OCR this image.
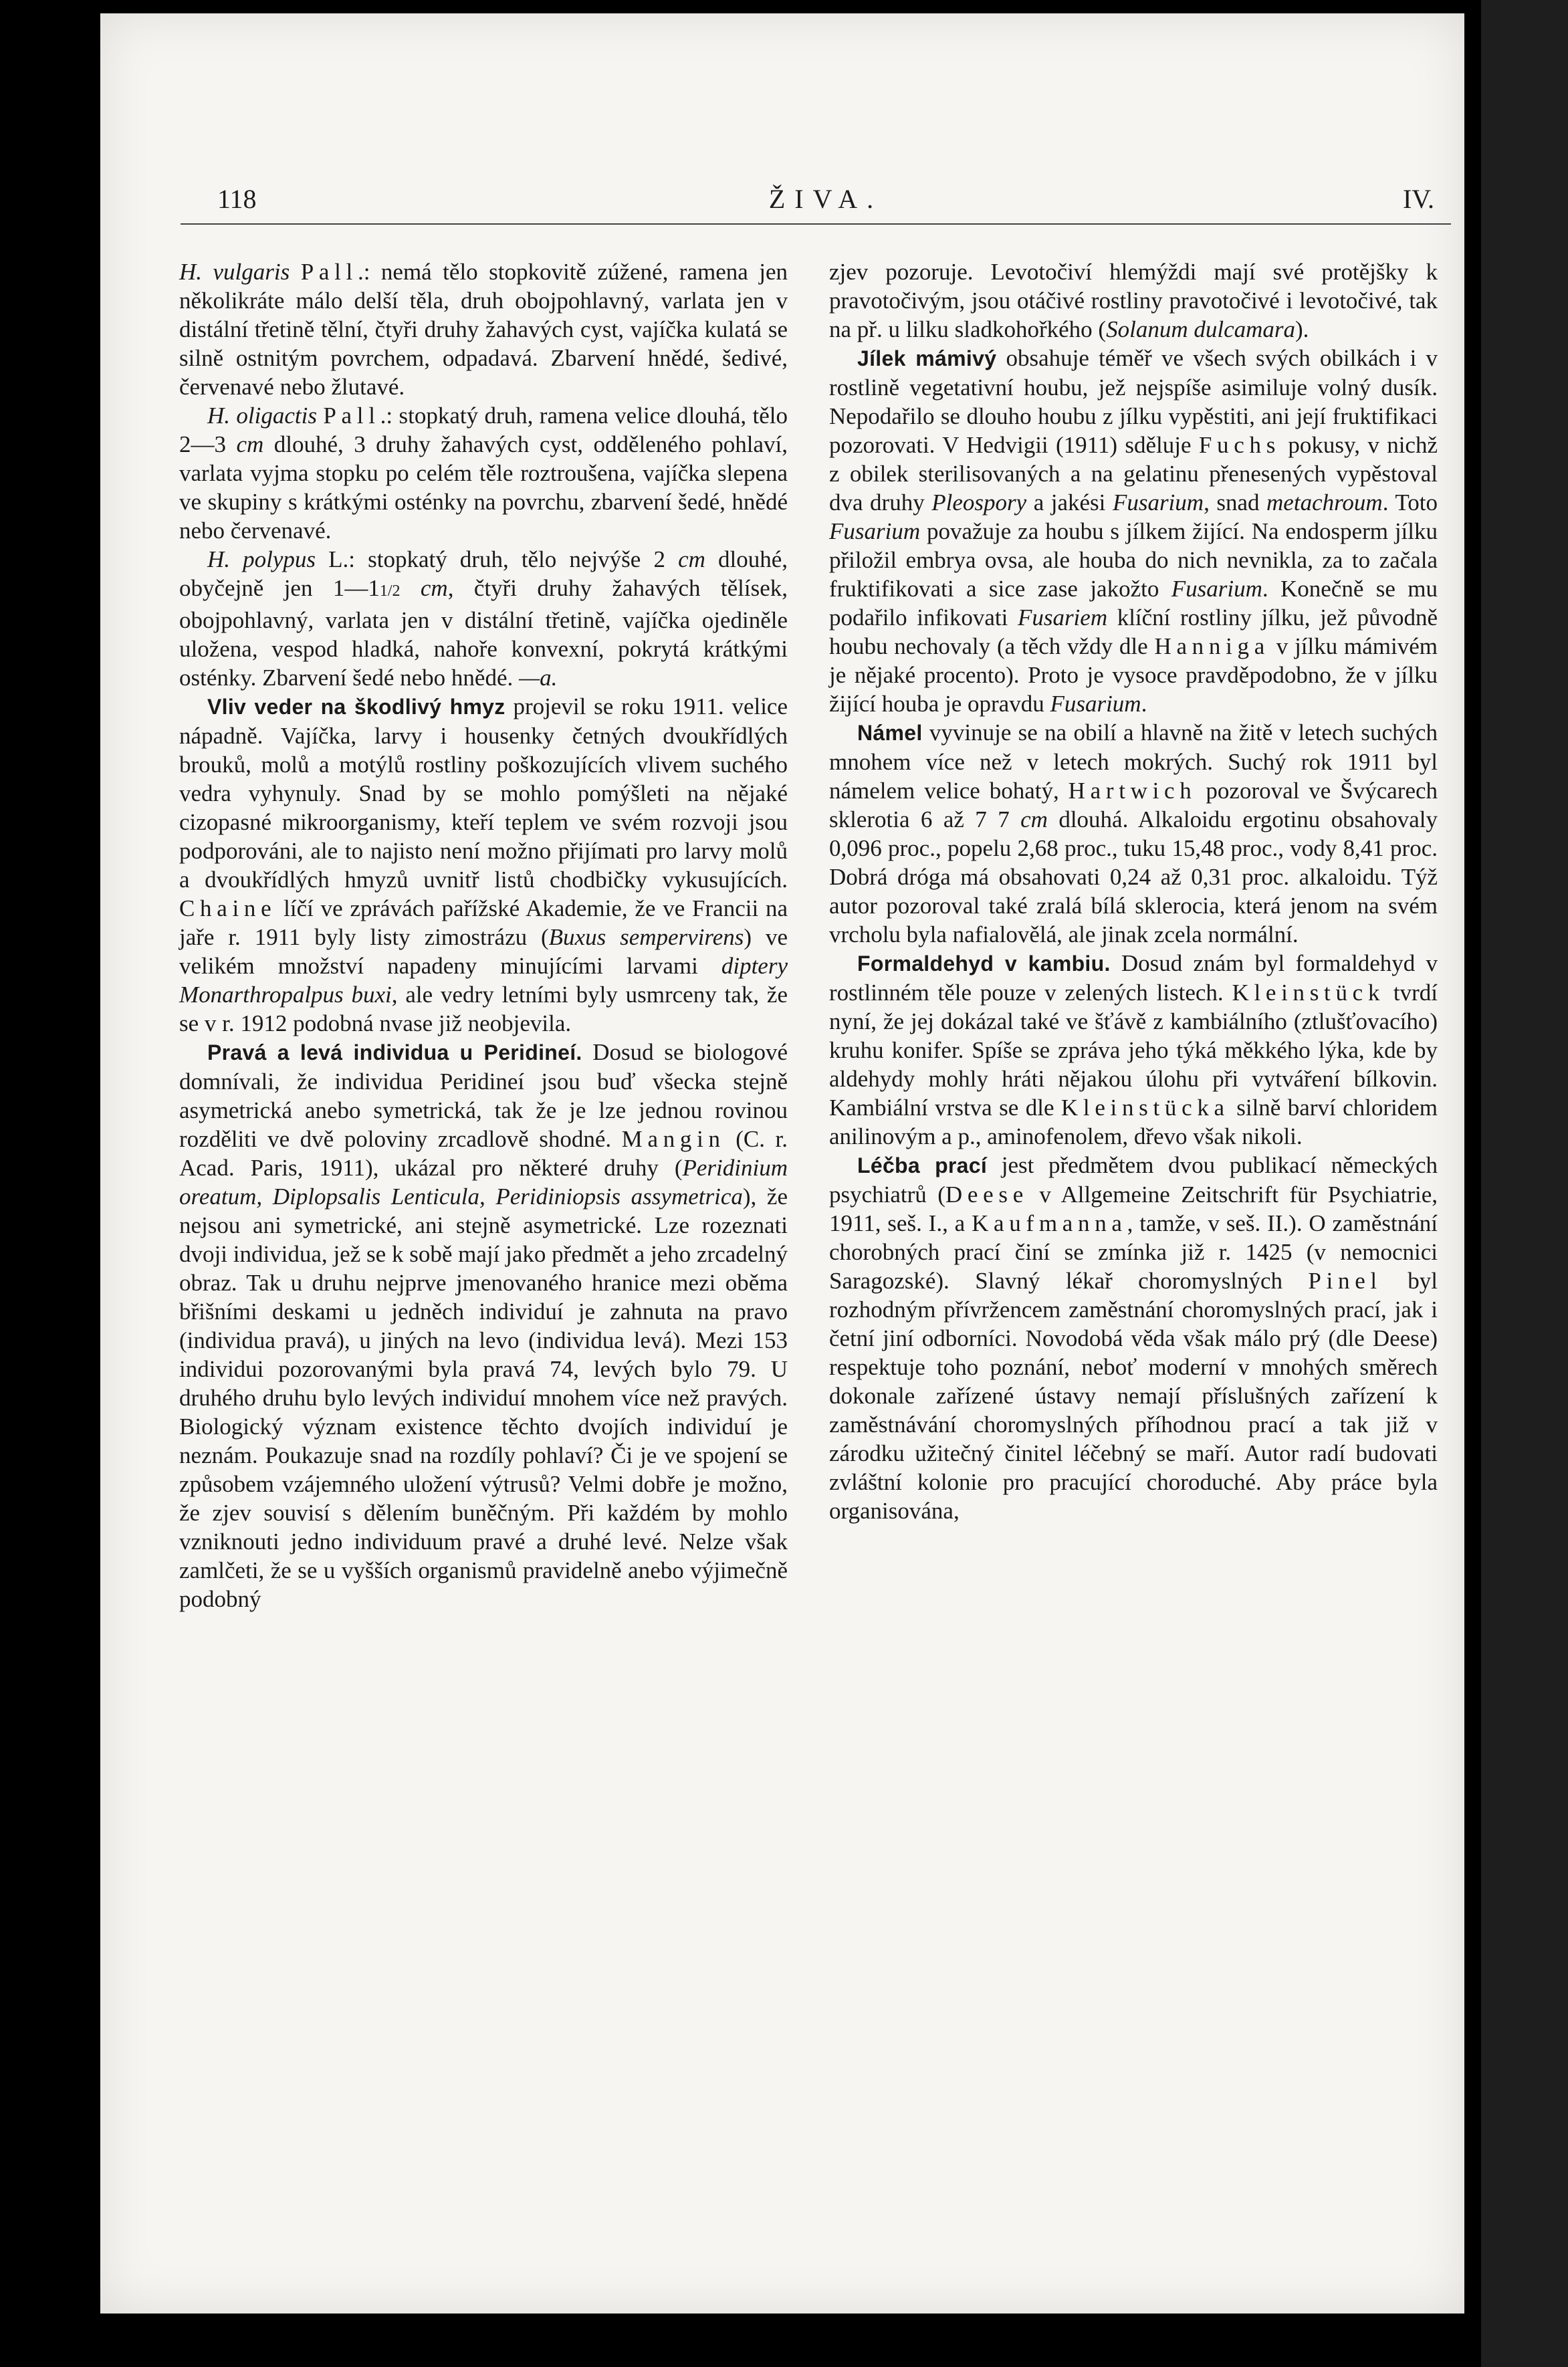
118	ŽIVA.	IV.

H. vulgaris Pall.: nemá tělo stopkovitě zúžené, ramena jen několikráte málo delší těla, druh obojpohlavný, varlata jen v distální třetině tělní, čtyři druhy žahavých cyst, vajíčka kulatá se silně ostnitým povrchem, odpadavá. Zbarvení hnědé, šedivé, červenavé nebo žlutavé.

H. oligactis Pall.: stopkatý druh, ramena velice dlouhá, tělo 2—3 cm dlouhé, 3 druhy žahavých cyst, odděleného pohlaví, varlata vyjma stopku po celém těle roztroušena, vajíčka slepena ve skupiny s krátkými osténky na povrchu, zbarvení šedé, hnědé nebo červenavé.

H. polypus L.: stopkatý druh, tělo nejvýše 2 cm dlouhé, obyčejně jen 1—11/2 cm, čtyři druhy žahavých tělísek, obojpohlavný, varlata jen v distální třetině, vajíčka ojediněle uložena, vespod hladká, nahoře konvexní, pokrytá krátkými osténky. Zbarvení šedé nebo hnědé. —a.

Vliv veder na škodlivý hmyz projevil se roku 1911. velice nápadně. Vajíčka, larvy i housenky četných dvoukřídlých brouků, molů a motýlů rostliny poškozujících vlivem suchého vedra vyhynuly. Snad by se mohlo pomýšleti na nějaké cizopasné mikroorganismy, kteří teplem ve svém rozvoji jsou podporováni, ale to najisto není možno přijímati pro larvy molů a dvoukřídlých hmyzů uvnitř listů chodbičky vykusujících. Chaine líčí ve zprávách pařížské Akademie, že ve Francii na jaře r. 1911 byly listy zimostrázu (Buxus sempervirens) ve velikém množství napadeny minujícími larvami diptery Monarthropalpus buxi, ale vedry letními byly usmrceny tak, že se v r. 1912 podobná nvase již neobjevila.

Pravá a levá individua u Peridineí. Dosud se biologové domnívali, že individua Peridineí jsou buď všecka stejně asymetrická anebo symetrická, tak že je lze jednou rovinou rozděliti ve dvě poloviny zrcadlově shodné. Mangin (C. r. Acad. Paris, 1911), ukázal pro některé druhy (Peridinium oreatum, Diplopsalis Lenticula, Peridiniopsis assymetrica), že nejsou ani symetrické, ani stejně asymetrické. Lze rozeznati dvoji individua, jež se k sobě mají jako předmět a jeho zrcadelný obraz. Tak u druhu nejprve jmenovaného hranice mezi oběma břišními deskami u jedněch individuí je zahnuta na pravo (individua pravá), u jiných na levo (individua levá). Mezi 153 individui pozorovanými byla pravá 74, levých bylo 79. U druhého druhu bylo levých individuí mnohem více než pravých. Biologický význam existence těchto dvojích individuí je neznám. Poukazuje snad na rozdíly pohlaví? Či je ve spojení se způsobem vzájemného uložení výtrusů? Velmi dobře je možno, že zjev souvisí s dělením buněčným. Při každém by mohlo vzniknouti jedno individuum pravé a druhé levé. Nelze však zamlčeti, že se u vyšších organismů pravidelně anebo výjimečně podobný

zjev pozoruje. Levotočiví hlemýždi mají své protějšky k pravotočivým, jsou otáčivé rostliny pravotočivé i levotočivé, tak na př. u lilku sladkohořkého (Solanum dulcamara).

Jílek mámivý obsahuje téměř ve všech svých obilkách i v rostlině vegetativní houbu, jež nejspíše asimiluje volný dusík. Nepodařilo se dlouho houbu z jílku vypěstiti, ani její fruktifikaci pozorovati. V Hedvigii (1911) sděluje Fuchs pokusy, v nichž z obilek sterilisovaných a na gelatinu přenesených vypěstoval dva druhy Pleospory a jakési Fusarium, snad metachroum. Toto Fusarium považuje za houbu s jílkem žijící. Na endosperm jílku přiložil embrya ovsa, ale houba do nich nevnikla, za to začala fruktifikovati a sice zase jakožto Fusarium. Konečně se mu podařilo infikovati Fusariem klíční rostliny jílku, jež původně houbu nechovaly (a těch vždy dle Hanniga v jílku mámivém je nějaké procento). Proto je vysoce pravděpodobno, že v jílku žijící houba je opravdu Fusarium.

Námel vyvinuje se na obilí a hlavně na žitě v letech suchých mnohem více než v letech mokrých. Suchý rok 1911 byl námelem velice bohatý, Hartwich pozoroval ve Švýcarech sklerotia 6 až 7 7 cm dlouhá. Alkaloidu ergotinu obsahovaly 0,096 proc., popelu 2,68 proc., tuku 15,48 proc., vody 8,41 proc. Dobrá dróga má obsahovati 0,24 až 0,31 proc. alkaloidu. Týž autor pozoroval také zralá bílá sklerocia, která jenom na svém vrcholu byla nafialovělá, ale jinak zcela normální.

Formaldehyd v kambiu. Dosud znám byl formaldehyd v rostlinném těle pouze v zelených listech. Kleinstück tvrdí nyní, že jej dokázal také ve šťávě z kambiálního (ztlušťovacího) kruhu konifer. Spíše se zpráva jeho týká měkkého lýka, kde by aldehydy mohly hráti nějakou úlohu při vytváření bílkovin. Kambiální vrstva se dle Kleinstücka silně barví chloridem anilinovým a p., aminofenolem, dřevo však nikoli.

Léčba prací jest předmětem dvou publikací německých psychiatrů (Deese v Allgemeine Zeitschrift für Psychiatrie, 1911, seš. I., a Kaufmanna, tamže, v seš. II.). O zaměstnání chorobných prací činí se zmínka již r. 1425 (v nemocnici Saragozské). Slavný lékař choromyslných Pinel byl rozhodným přívržencem zaměstnání choromyslných prací, jak i četní jiní odborníci. Novodobá věda však málo prý (dle Deese) respektuje toho poznání, neboť moderní v mnohých směrech dokonale zařízené ústavy nemají příslušných zařízení k zaměstnávání choromyslných příhodnou prací a tak již v zárodku užitečný činitel léčebný se maří. Autor radí budovati zvláštní kolonie pro pracující choroduché. Aby práce byla organisována,
